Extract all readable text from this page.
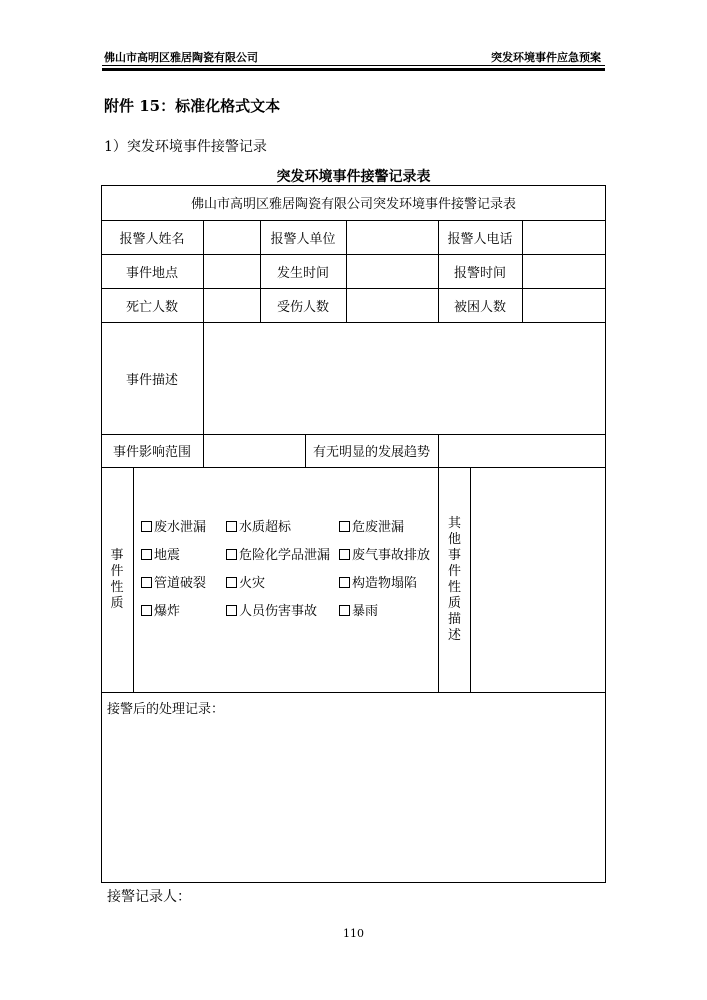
佛山市高明区雅居陶瓷有限公司	突发环境事件应急预案
附件 15：标准化格式文本
1）突发环境事件接警记录
突发环境事件接警记录表
佛山市高明区雅居陶瓷有限公司突发环境事件接警记录表
报警人姓名	报警人单位	报警人电话
事件地点	发生时间	报警时间
死亡人数	受伤人数	被困人数
事件描述
事件影响范围	有无明显的发展趋势
事
件
性
质
废水泄漏	水质超标	危废泄漏
地震	危险化学品泄漏	废气事故排放
管道破裂	火灾	构造物塌陷
爆炸	人员伤害事故	暴雨
其
他
事
件
性
质
描
述
接警后的处理记录：
接警记录人：
110
